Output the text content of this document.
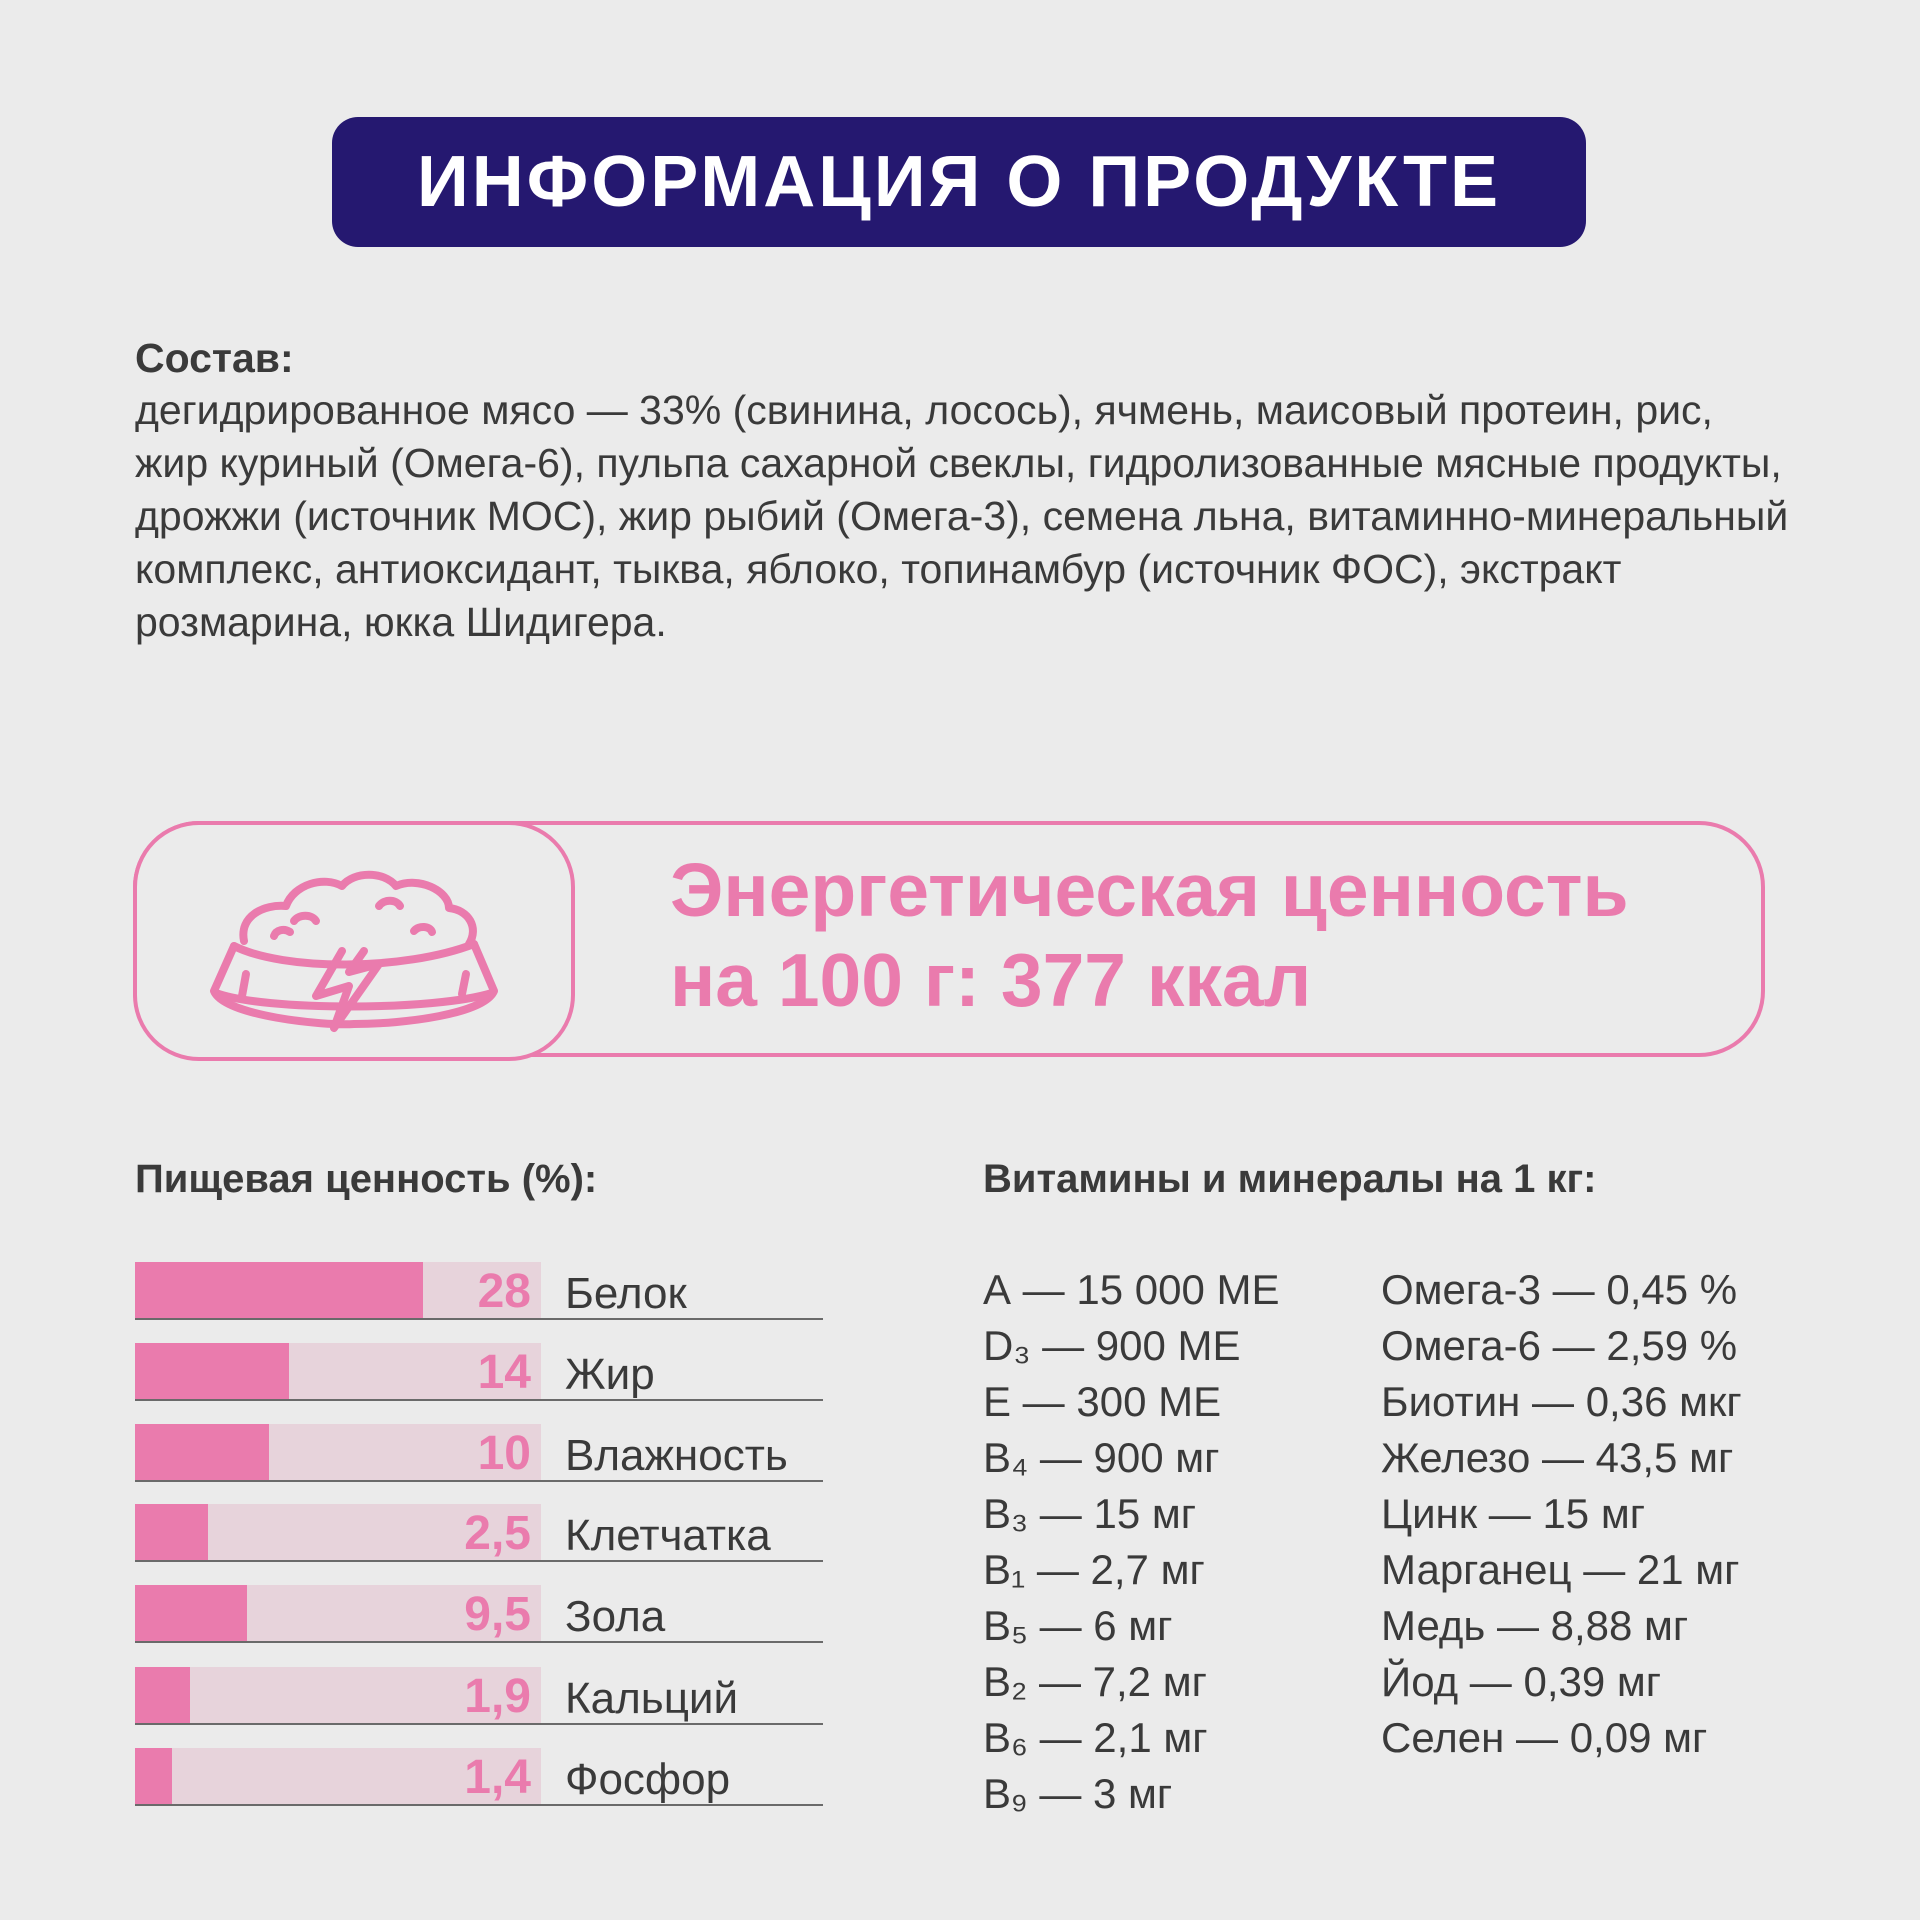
ИНФОРМАЦИЯ О ПРОДУКТЕ
Состав:
дегидрированное мясо — 33% (свинина, лосось), ячмень, маисовый протеин, рис, жир куриный (Омега-6), пульпа сахарной свеклы, гидролизованные мясные продукты, дрожжи (источник МОС), жир рыбий (Омега-3), семена льна, витаминно-минеральный комплекс, антиоксидант, тыква, яблоко, топинамбур (источник ФОС), экстракт розмарина, юкка Шидигера.
Энергетическая ценность
на 100 г: 377 ккал
Пищевая ценность (%):
28 Белок
14 Жир
10 Влажность
2,5 Клетчатка
9,5 Зола
1,9 Кальций
1,4 Фосфор
Витамины и минералы на 1 кг:
А — 15 000 МЕ
D₃ — 900 МЕ
Е — 300 МЕ
В₄ — 900 мг
В₃ — 15 мг
В₁ — 2,7 мг
В₅ — 6 мг
В₂ — 7,2 мг
В₆ — 2,1 мг
В₉ — 3 мг
Омега-3 — 0,45 %
Омега-6 — 2,59 %
Биотин — 0,36 мкг
Железо — 43,5 мг
Цинк — 15 мг
Марганец — 21 мг
Медь — 8,88 мг
Йод — 0,39 мг
Селен — 0,09 мг
